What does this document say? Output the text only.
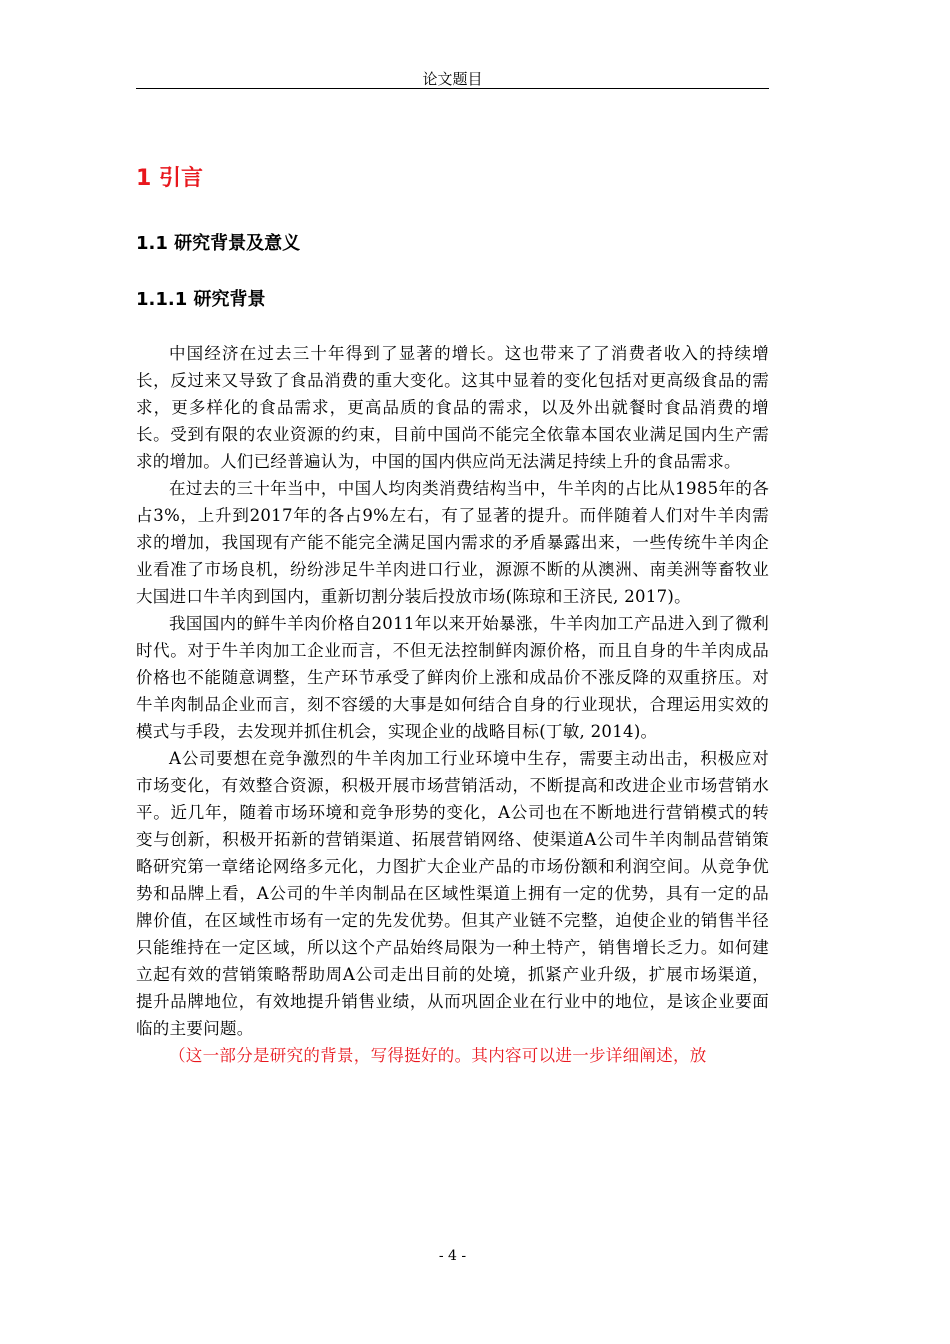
论文题目
1 引言
1.1 研究背景及意义
1.1.1 研究背景

中国经济在过去三十年得到了显著的增长。这也带来了了消费者收入的持续增长，反过来又导致了食品消费的重大变化。这其中显着的变化包括对更高级食品的需求，更多样化的食品需求，更高品质的食品的需求，以及外出就餐时食品消费的增长。受到有限的农业资源的约束，目前中国尚不能完全依靠本国农业满足国内生产需求的增加。人们已经普遍认为，中国的国内供应尚无法满足持续上升的食品需求。

在过去的三十年当中，中国人均肉类消费结构当中，牛羊肉的占比从1985年的各占3%，上升到2017年的各占9%左右，有了显著的提升。而伴随着人们对牛羊肉需求的增加，我国现有产能不能完全满足国内需求的矛盾暴露出来，一些传统牛羊肉企业看准了市场良机，纷纷涉足牛羊肉进口行业，源源不断的从澳洲、南美洲等畜牧业大国进口牛羊肉到国内，重新切割分装后投放市场(陈琼和王济民, 2017)。

我国国内的鲜牛羊肉价格自2011年以来开始暴涨，牛羊肉加工产品进入到了微利时代。对于牛羊肉加工企业而言，不但无法控制鲜肉源价格，而且自身的牛羊肉成品价格也不能随意调整，生产环节承受了鲜肉价上涨和成品价不涨反降的双重挤压。对牛羊肉制品企业而言，刻不容缓的大事是如何结合自身的行业现状，合理运用实效的模式与手段，去发现并抓住机会，实现企业的战略目标(丁敏, 2014)。

A公司要想在竞争激烈的牛羊肉加工行业环境中生存，需要主动出击，积极应对市场变化，有效整合资源，积极开展市场营销活动，不断提高和改进企业市场营销水平。近几年，随着市场环境和竞争形势的变化，A公司也在不断地进行营销模式的转变与创新，积极开拓新的营销渠道、拓展营销网络、使渠道A公司牛羊肉制品营销策略研究第一章绪论网络多元化，力图扩大企业产品的市场份额和利润空间。从竞争优势和品牌上看，A公司的牛羊肉制品在区域性渠道上拥有一定的优势，具有一定的品牌价值，在区域性市场有一定的先发优势。但其产业链不完整，迫使企业的销售半径只能维持在一定区域，所以这个产品始终局限为一种土特产，销售增长乏力。如何建立起有效的营销策略帮助周A公司走出目前的处境，抓紧产业升级，扩展市场渠道，提升品牌地位，有效地提升销售业绩，从而巩固企业在行业中的地位，是该企业要面临的主要问题。

（这一部分是研究的背景，写得挺好的。其内容可以进一步详细阐述，放

- 4 -
